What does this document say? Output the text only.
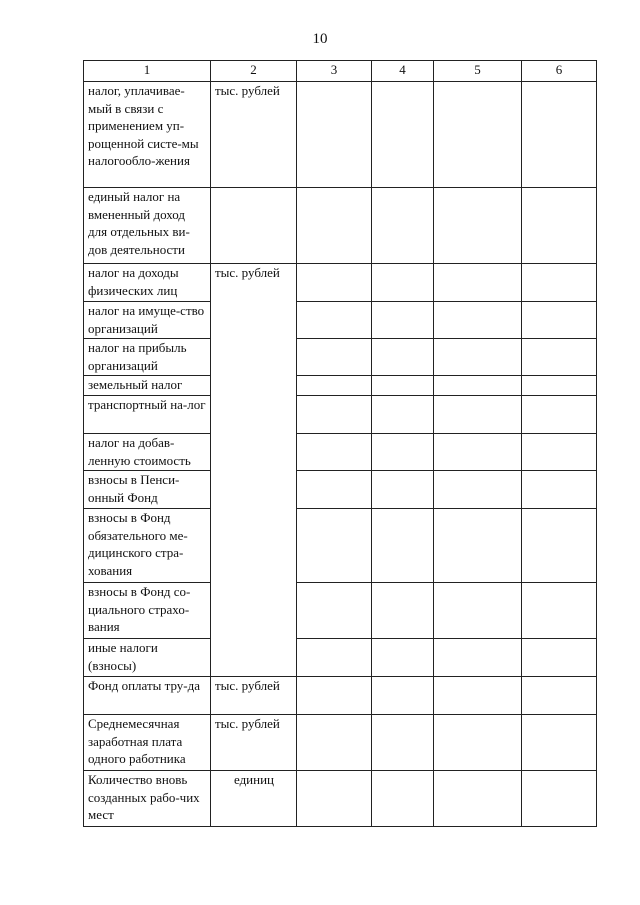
10
1	2	3	4	5	6
налог, уплачивае-мый в связи с применением уп-рощенной систе-мы налогообло-жения	тыс. рублей				
единый налог на вмененный доход для отдельных ви-дов деятельности					
налог на доходы физических лиц	тыс. рублей				
налог на имуще-ство организаций					
налог на прибыль организаций					
земельный налог					
транспортный на-лог					
налог на добав-ленную стоимость					
взносы в Пенси-онный Фонд					
взносы в Фонд обязательного ме-дицинского стра-хования					
взносы в Фонд со-циального страхо-вания					
иные налоги (взносы)					
Фонд оплаты тру-да	тыс. рублей				
Среднемесячная заработная плата одного работника	тыс. рублей				
Количество вновь созданных рабо-чих мест	единиц				
